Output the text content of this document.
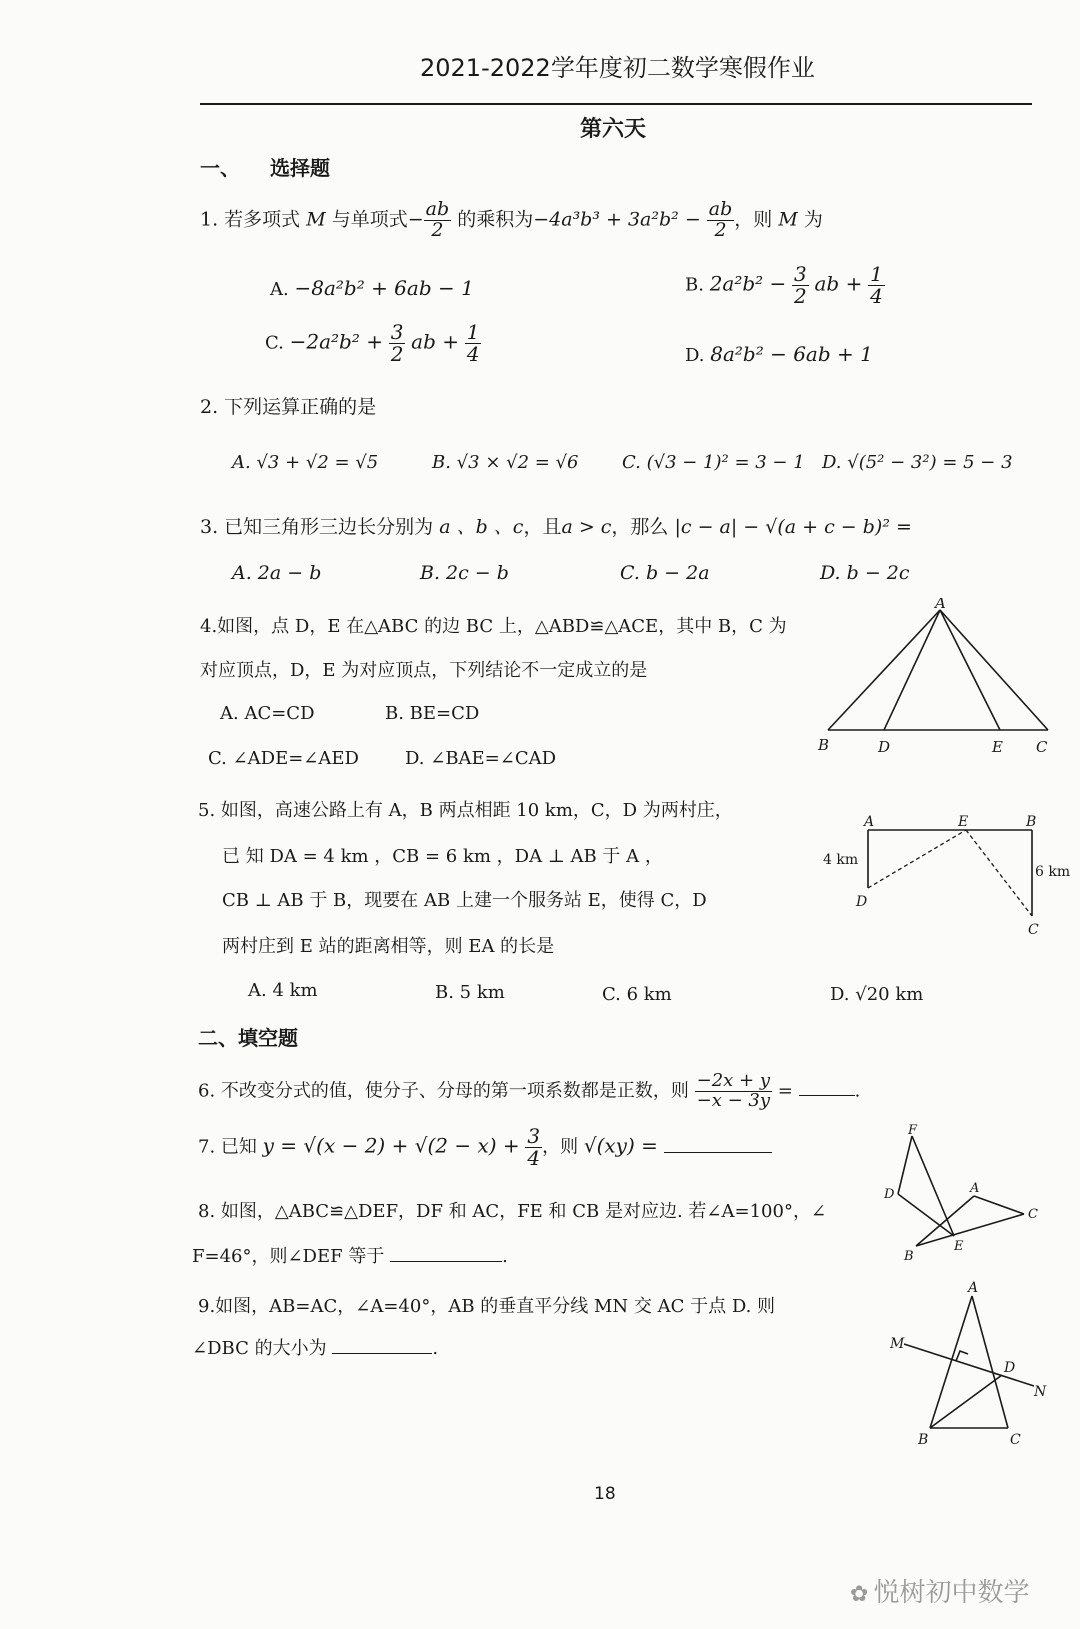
2021-2022学年度初二数学寒假作业
第六天
一、 选择题
1. 若多项式 M 与单项式− $\frac{ab}{2}$ 的乘积为$-4a^3b^3 + 3a^2b^2 - \frac{ab}{2}$ ，则 M 为
A. −8a²b² + 6ab − 1	B. $2a^2b^2 - \frac{3}{2}$ ab + $\frac{1}{4}$
C. $-2a^2b^2 + \frac{3}{2}$ ab + $\frac{1}{4}$	D. 8a²b² − 6ab + 1
2. 下列运算正确的是
A. √3 + √2 = √5	B. √3 × √2 = √6 C. (√3 − 1)² = 3 − 1 D. √(5² − 3²) = 5 − 3
3. 已知三角形三边长分别为 a 、b 、c，且a > c，那么 |c − a| − √(a + c − b)² =
A. 2a − b	B. 2c − b	C. b − 2a	D. b − 2c
4.如图，点 D，E 在△ABC 的边 BC 上，△ABD≌△ACE，其中 B，C 为
对应顶点，D，E 为对应顶点，下列结论不一定成立的是
A. AC=CD	B. BE=CD
C. ∠ADE=∠AED	D. ∠BAE=∠CAD
A
B	D	E C
5. 如图，高速公路上有 A，B 两点相距 10 km，C，D 为两村庄，
已 知 DA = 4 km ，CB = 6 km ，DA ⊥ AB 于 A ，
CB ⊥ AB 于 B，现要在 AB 上建一个服务站 E，使得 C，D
两村庄到 E 站的距离相等，则 EA 的长是
A. 4 km	B. 5 km	C. 6 km	D. √20 km
A	E	B
D
C
4 km
6 km
二、填空题
6. 不改变分式的值，使分子、分母的第一项系数都是正数，则 $\frac{-2x + y}{-x - 3y}$ =	.
7. 已知 $y = √(x - 2) + √(2 - x) + \frac{3}{4}$ ，则 √(xy) =
8. 如图，△ABC≌△DEF，DF 和 AC，FE 和 CB 是对应边. 若∠A=100°，∠
F=46°，则∠DEF 等于	.
F
D	A
C
B
E
9.如图，AB=AC，∠A=40°，AB 的垂直平分线 MN 交 AC 于点 D. 则
∠DBC 的大小为	.
A
M
D
N
B	C
18
✿ 悦树初中数学
